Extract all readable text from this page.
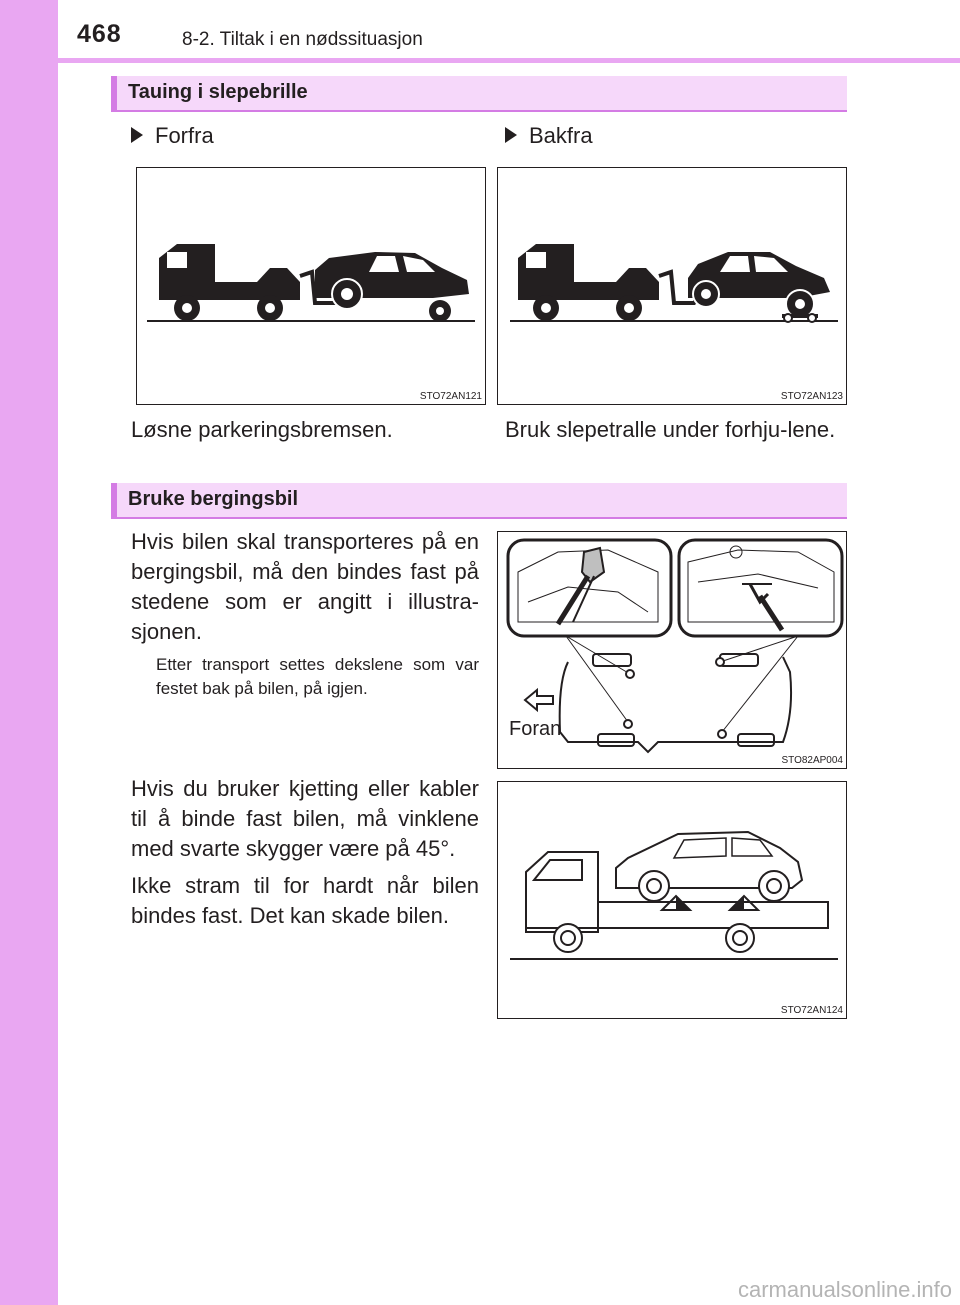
468	8-2. Tiltak i en nødssituasjon
Tauing i slepebrille
Forfra	Bakfra
STO72AN121	STO72AN123
Løsne parkeringsbremsen.	Bruk slepetralle under forhju-lene.
Bruke bergingsbil
Hvis bilen skal transporteres på en bergingsbil, må den bindes fast på stedene som er angitt i illustra-sjonen.
Etter transport settes dekslene som var festet bak på bilen, på igjen.
Hvis du bruker kjetting eller kabler til å binde fast bilen, må vinklene med svarte skygger være på 45°.
Ikke stram til for hardt når bilen bindes fast. Det kan skade bilen.
Foran
STO82AP004
STO72AN124
carmanualsonline.info
